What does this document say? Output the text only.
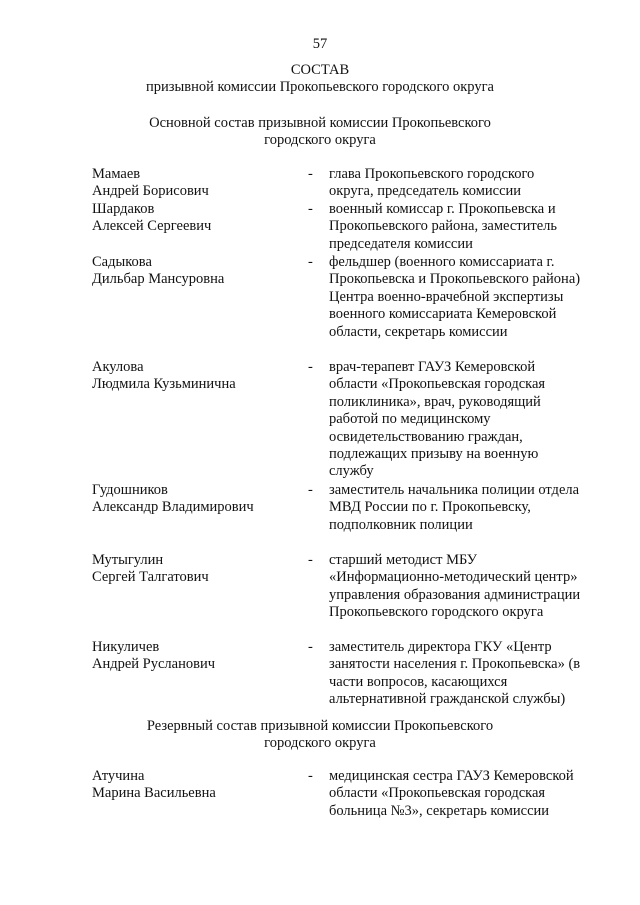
57
СОСТАВ
призывной комиссии Прокопьевского городского округа
Основной состав призывной комиссии Прокопьевского
городского округа
Мамаев
Андрей Борисович
-	глава Прокопьевского городского округа, председатель комиссии
Шардаков
Алексей Сергеевич
-	военный комиссар г. Прокопьевска и Прокопьевского района, заместитель председателя комиссии
Садыкова
Дильбар Мансуровна
-	фельдшер (военного комиссариата г. Прокопьевска и Прокопьевского района) Центра военно-врачебной экспертизы военного комиссариата Кемеровской области, секретарь комиссии
Акулова
Людмила Кузьминична
-	врач-терапевт ГАУЗ Кемеровской области «Прокопьевская городская поликлиника», врач, руководящий работой по медицинскому освидетельствованию граждан, подлежащих призыву на военную службу
Гудошников
Александр Владимирович
-	заместитель начальника полиции отдела МВД России по г. Прокопьевску, подполковник полиции
Мутыгулин
Сергей Талгатович
-	старший методист МБУ «Информационно-методический центр» управления образования администрации Прокопьевского городского округа
Никуличев
Андрей Русланович
-	заместитель директора ГКУ «Центр занятости населения г. Прокопьевска» (в части вопросов, касающихся альтернативной гражданской службы)
Резервный состав призывной комиссии Прокопьевского
городского округа
Атучина
Марина Васильевна
-	медицинская сестра ГАУЗ Кемеровской области «Прокопьевская городская больница №3», секретарь комиссии
